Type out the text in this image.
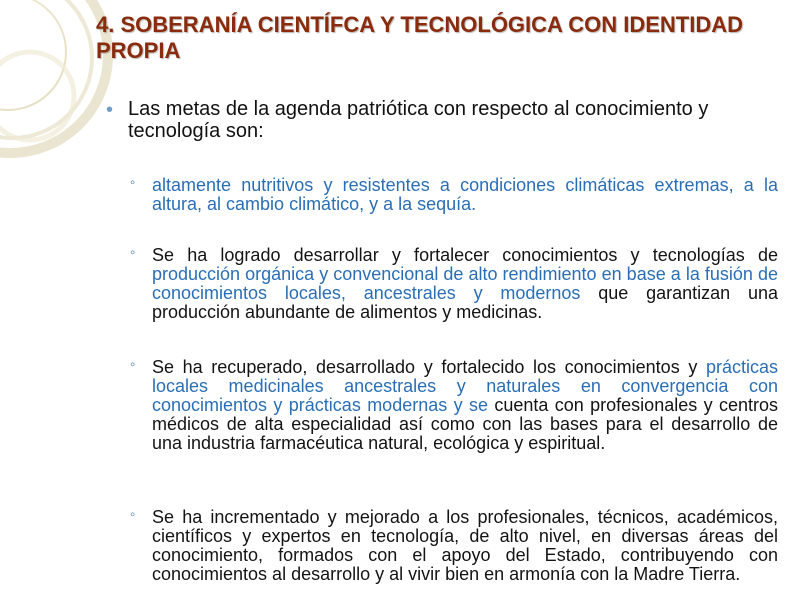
4. SOBERANÍA CIENTÍFCA Y TECNOLÓGICA CON IDENTIDAD PROPIA
• Las metas de la agenda patriótica con respecto al conocimiento y tecnología son:

◦ altamente nutritivos y resistentes a condiciones climáticas extremas, a la altura, al cambio climático, y a la sequía.

◦ Se ha logrado desarrollar y fortalecer conocimientos y tecnologías de producción orgánica y convencional de alto rendimiento en base a la fusión de conocimientos locales, ancestrales y modernos que garantizan una producción abundante de alimentos y medicinas.

◦ Se ha recuperado, desarrollado y fortalecido los conocimientos y prácticas locales medicinales ancestrales y naturales en convergencia con conocimientos y prácticas modernas y se cuenta con profesionales y centros médicos de alta especialidad así como con las bases para el desarrollo de una industria farmacéutica natural, ecológica y espiritual.

◦ Se ha incrementado y mejorado a los profesionales, técnicos, académicos, científicos y expertos en tecnología, de alto nivel, en diversas áreas del conocimiento, formados con el apoyo del Estado, contribuyendo con conocimientos al desarrollo y al vivir bien en armonía con la Madre Tierra.
